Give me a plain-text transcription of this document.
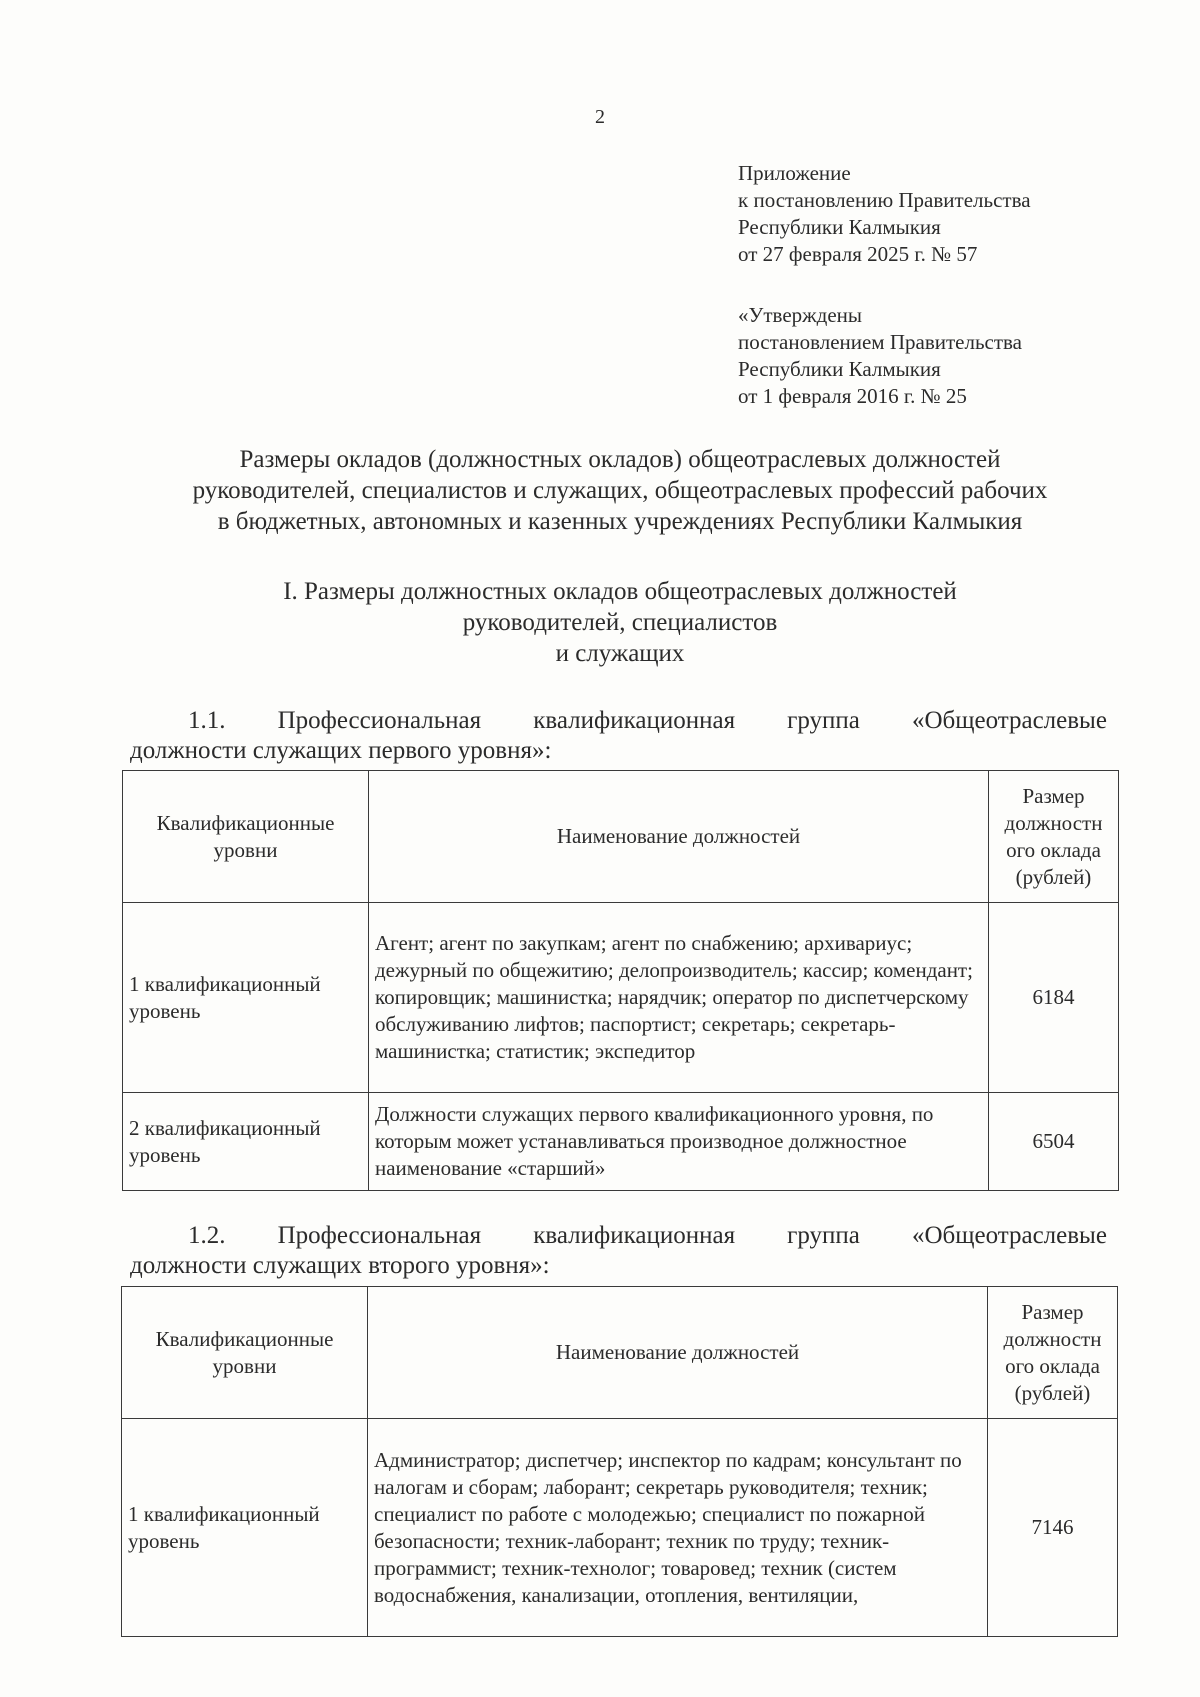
2
Приложение
к постановлению Правительства
Республики Калмыкия
от 27 февраля 2025 г. № 57
«Утверждены
постановлением Правительства
Республики Калмыкия
от 1 февраля 2016 г. № 25
Размеры окладов (должностных окладов) общеотраслевых должностей
руководителей, специалистов и служащих, общеотраслевых профессий рабочих
в бюджетных, автономных и казенных учреждениях Республики Калмыкия
I. Размеры должностных окладов общеотраслевых должностей
руководителей, специалистов
и служащих
1.1. Профессиональная квалификационная группа «Общеотраслевые
должности служащих первого уровня»:
Квалификационные уровни	Наименование должностей	Размер должностн ого оклада (рублей)
1 квалификационный уровень	Агент; агент по закупкам; агент по снабжению; архивариус; дежурный по общежитию; делопроизводитель; кассир; комендант; копировщик; машинистка; нарядчик; оператор по диспетчерскому обслуживанию лифтов; паспортист; секретарь; секретарь-машинистка; статистик; экспедитор	6184
2 квалификационный уровень	Должности служащих первого квалификационного уровня, по которым может устанавливаться производное должностное наименование «старший»	6504
1.2. Профессиональная квалификационная группа «Общеотраслевые
должности служащих второго уровня»:
Квалификационные уровни	Наименование должностей	Размер должностн ого оклада (рублей)
1 квалификационный уровень	Администратор; диспетчер; инспектор по кадрам; консультант по налогам и сборам; лаборант; секретарь руководителя; техник; специалист по работе с молодежью; специалист по пожарной безопасности; техник-лаборант; техник по труду; техник-программист; техник-технолог; товаровед; техник (систем водоснабжения, канализации, отопления, вентиляции,	7146
